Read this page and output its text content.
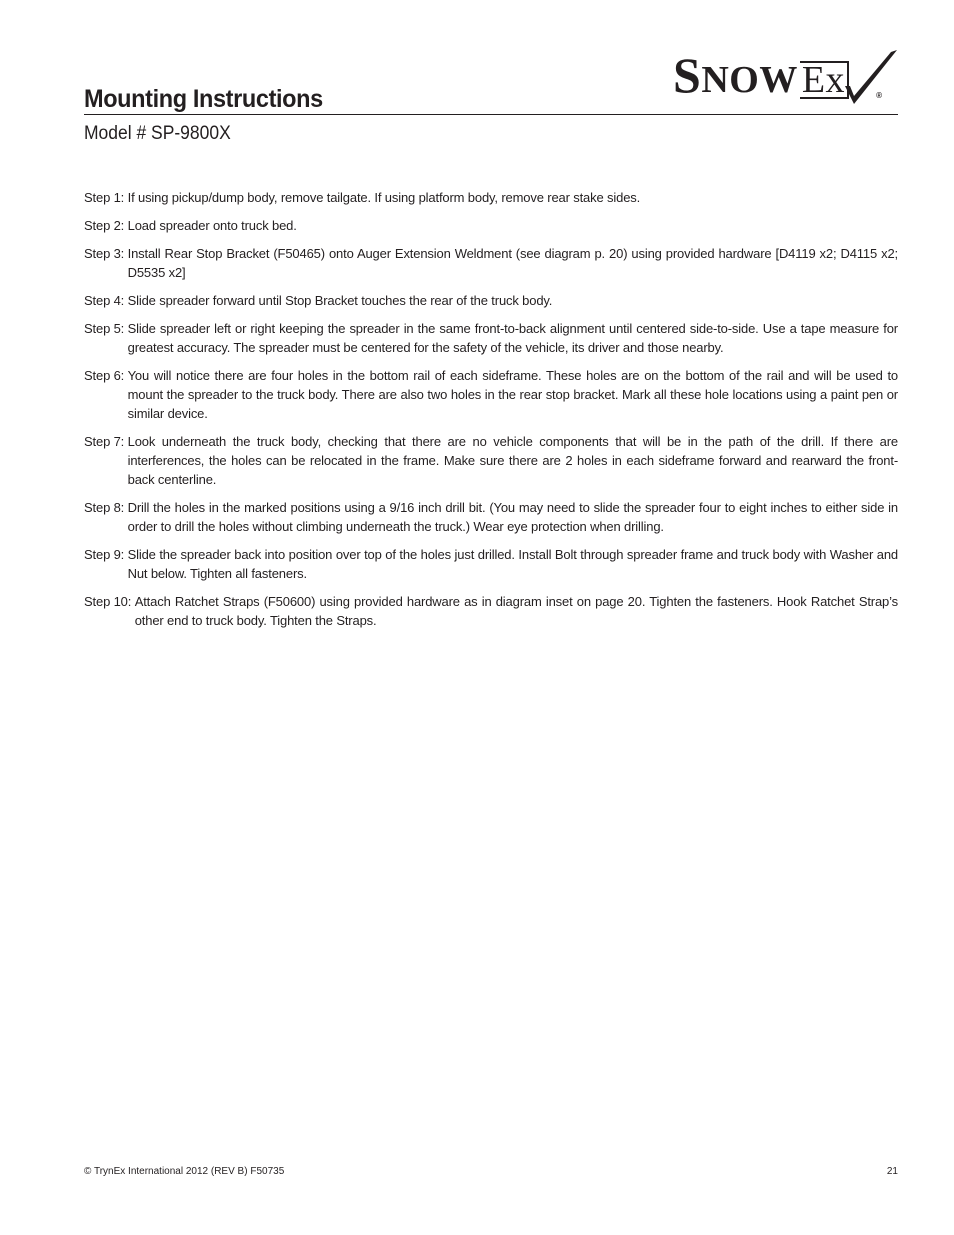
Mounting Instructions	SNOW Ex	®
Model # SP-9800X

Step 1: If using pickup/dump body, remove tailgate. If using platform body, remove rear stake sides.

Step 2: Load spreader onto truck bed.

Step 3: Install Rear Stop Bracket (F50465) onto Auger Extension Weldment (see diagram p. 20) using provided hardware [D4119 x2; D4115 x2; D5535 x2]

Step 4: Slide spreader forward until Stop Bracket touches the rear of the truck body.

Step 5: Slide spreader left or right keeping the spreader in the same front-to-back alignment until centered side-to-side. Use a tape measure for greatest accuracy. The spreader must be centered for the safety of the vehicle, its driver and those nearby.

Step 6: You will notice there are four holes in the bottom rail of each sideframe. These holes are on the bottom of the rail and will be used to mount the spreader to the truck body. There are also two holes in the rear stop bracket. Mark all these hole locations using a paint pen or similar device.

Step 7: Look underneath the truck body, checking that there are no vehicle components that will be in the path of the drill. If there are interferences, the holes can be relocated in the frame. Make sure there are 2 holes in each sideframe forward and rearward the front-back centerline.

Step 8: Drill the holes in the marked positions using a 9/16 inch drill bit. (You may need to slide the spreader four to eight inches to either side in order to drill the holes without climbing underneath the truck.) Wear eye protection when drilling.

Step 9: Slide the spreader back into position over top of the holes just drilled. Install Bolt through spreader frame and truck body with Washer and Nut below. Tighten all fasteners.

Step 10: Attach Ratchet Straps (F50600) using provided hardware as in diagram inset on page 20. Tighten the fasteners. Hook Ratchet Strap’s other end to truck body. Tighten the Straps.

© TrynEx International 2012 (REV B) F50735	21
